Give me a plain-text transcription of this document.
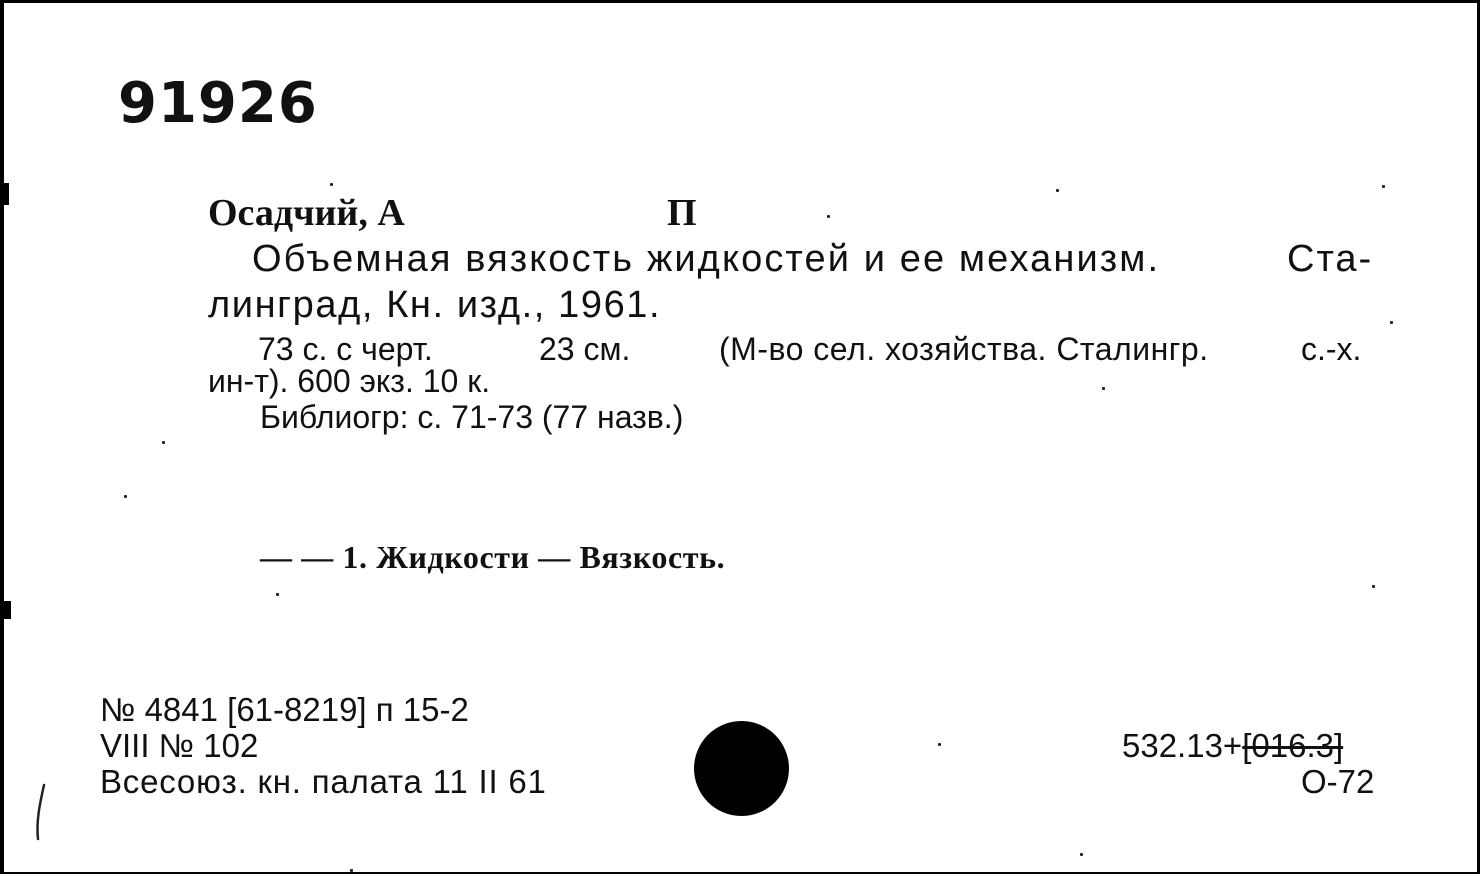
91926
Осадчий, А	П
Объемная вязкость жидкостей и ее механизм.	Ста-
линград, Кн. изд., 1961.
73 с. с черт.	23 см.	(М-во сел. хозяйства. Сталингр.	с.-х.
ин-т). 600 экз. 10 к.
Библиогр: с. 71-73 (77 назв.)
— — 1. Жидкости — Вязкость.
№ 4841 [61-8219] п 15-2
VIII № 102
Всесоюз. кн. палата 11 II 61
532.13+[016.3]
О-72
